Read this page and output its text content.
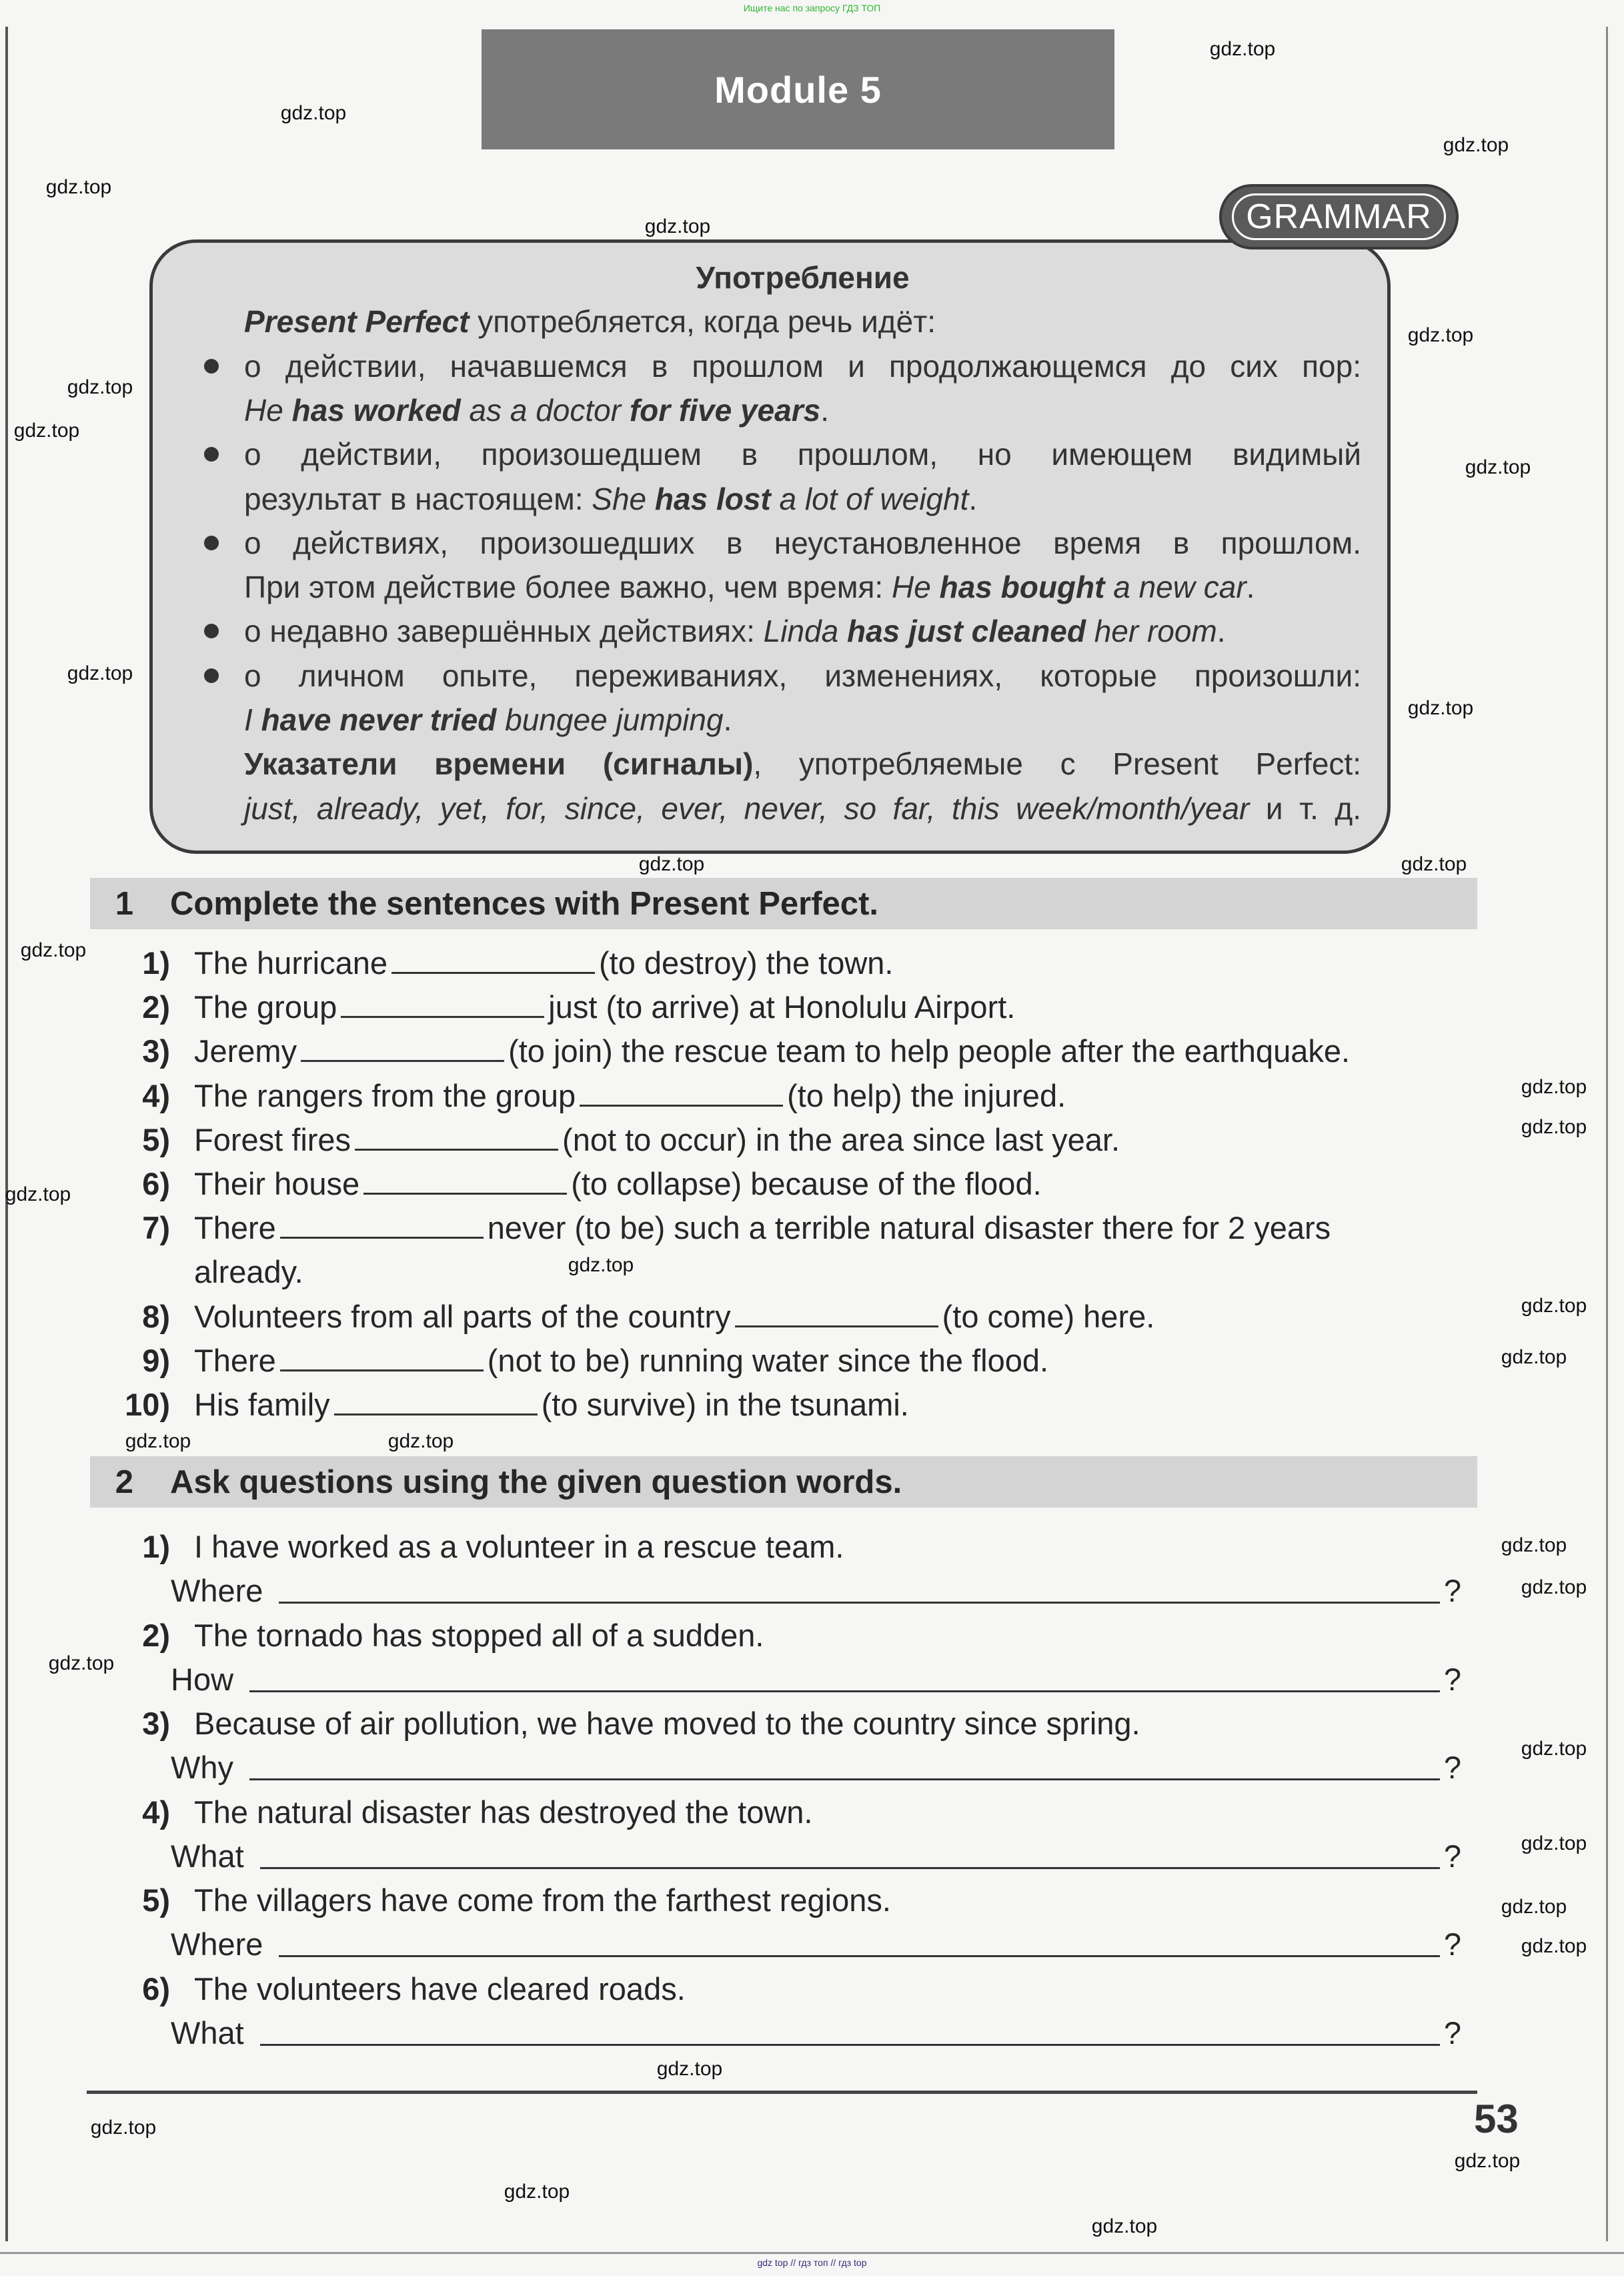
Ищите нас по запросу ГДЗ ТОП
Module 5
GRAMMAR
Употребление
Present Perfect употребляется, когда речь идёт:
о действии, начавшемся в прошлом и продолжающемся до сих пор:
He has worked as a doctor for five years.
о действии, произошедшем в прошлом, но имеющем видимый
результат в настоящем: She has lost a lot of weight.
о действиях, произошедших в неустановленное время в прошлом.
При этом действие более важно, чем время: He has bought a new car.
о недавно завершённых действиях: Linda has just cleaned her room.
о личном опыте, переживаниях, изменениях, которые произошли:
I have never tried bungee jumping.
Указатели времени (сигналы), употребляемые с Present Perfect:
just, already, yet, for, since, ever, never, so far, this week/month/year и т. д.
1	Complete the sentences with Present Perfect.
1) The hurricane	(to destroy) the town.
2) The group	just (to arrive) at Honolulu Airport.
3) Jeremy	(to join) the rescue team to help people after the earthquake.
4) The rangers from the group	(to help) the injured.
5) Forest fires	(not to occur) in the area since last year.
6) Their house	(to collapse) because of the flood.
7) There	never (to be) such a terrible natural disaster there for 2 years
already.
8) Volunteers from all parts of the country	(to come) here.
9) There	(not to be) running water since the flood.
10) His family	(to survive) in the tsunami.
2	Ask questions using the given question words.
1) I have worked as a volunteer in a rescue team.
Where	?
2) The tornado has stopped all of a sudden.
How	?
3) Because of air pollution, we have moved to the country since spring.
Why	?
4) The natural disaster has destroyed the town.
What	?
5) The villagers have come from the farthest regions.
Where	?
6) The volunteers have cleared roads.
What	?
53
gdz top // гдз топ // гдз top
gdz.top
gdz.top
gdz.top
gdz.top
gdz.top
gdz.top
gdz.top
gdz.top
gdz.top
gdz.top
gdz.top
gdz.top	gdz.top
gdz.top
gdz.top
gdz.top
gdz.top
gdz.top
gdz.top
gdz.top
gdz.top
gdz.top
gdz.top
gdz.top
gdz.top
gdz.top
gdz.top
gdz.top
gdz.top
gdz.top
gdz.top
gdz.top
gdz.top
gdz.top
